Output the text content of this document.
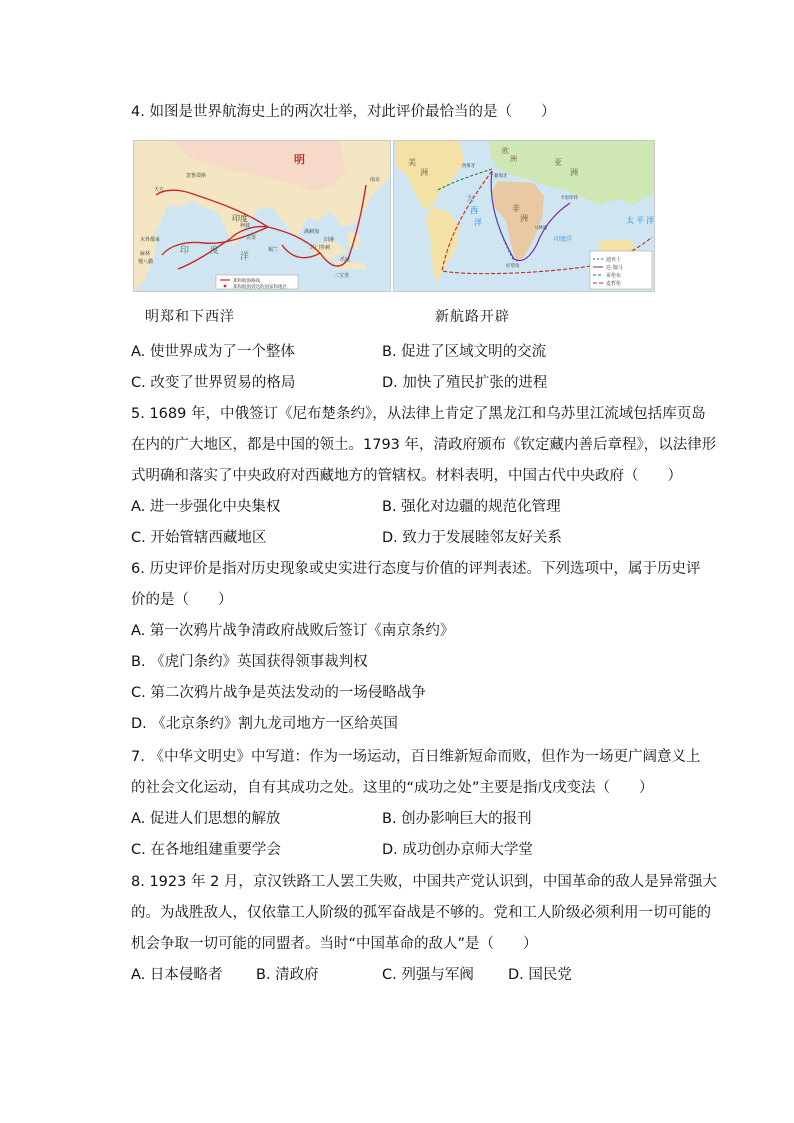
4. 如图是世界航海史上的两次壮举，对此评价最恰当的是（　　）
明
印度
天方
忽鲁谟斯
古里
满剌加
锡兰
柯枝
木骨都束
麻林
慢八撒
旧港
爪哇
三宝垄
苏门答剌
南京
印 度
洋
郑和航海路线
郑和航海到达的国家和地区
美
洲
亚
洲
欧
洲
非
洲
大
西
洋	太 平 洋
印度洋
西班牙
葡萄牙
马林迪
好望角
卡里库特
迪亚士
达·伽马
哥伦布
麦哲伦
明郑和下西洋	新航路开辟
A. 使世界成为了一个整体	B. 促进了区域文明的交流
C. 改变了世界贸易的格局	D. 加快了殖民扩张的进程
5. 1689 年，中俄签订《尼布楚条约》，从法律上肯定了黑龙江和乌苏里江流域包括库页岛
在内的广大地区，都是中国的领土。1793 年，清政府颁布《钦定藏内善后章程》，以法律形
式明确和落实了中央政府对西藏地方的管辖权。材料表明，中国古代中央政府（　　）
A. 进一步强化中央集权	B. 强化对边疆的规范化管理
C. 开始管辖西藏地区	D. 致力于发展睦邻友好关系
6. 历史评价是指对历史现象或史实进行态度与价值的评判表述。下列选项中，属于历史评
价的是（　　）
A. 第一次鸦片战争清政府战败后签订《南京条约》
B. 《虎门条约》英国获得领事裁判权
C. 第二次鸦片战争是英法发动的一场侵略战争
D. 《北京条约》割九龙司地方一区给英国
7. 《中华文明史》中写道：作为一场运动，百日维新短命而败，但作为一场更广阔意义上
的社会文化运动，自有其成功之处。这里的“成功之处”主要是指戊戌变法（　　）
A. 促进人们思想的解放	B. 创办影响巨大的报刊
C. 在各地组建重要学会	D. 成功创办京师大学堂
8. 1923 年 2 月，京汉铁路工人罢工失败，中国共产党认识到，中国革命的敌人是异常强大
的。为战胜敌人，仅依靠工人阶级的孤军奋战是不够的。党和工人阶级必须利用一切可能的
机会争取一切可能的同盟者。当时“中国革命的敌人”是（　　）
A. 日本侵略者 B. 清政府	C. 列强与军阀 D. 国民党
